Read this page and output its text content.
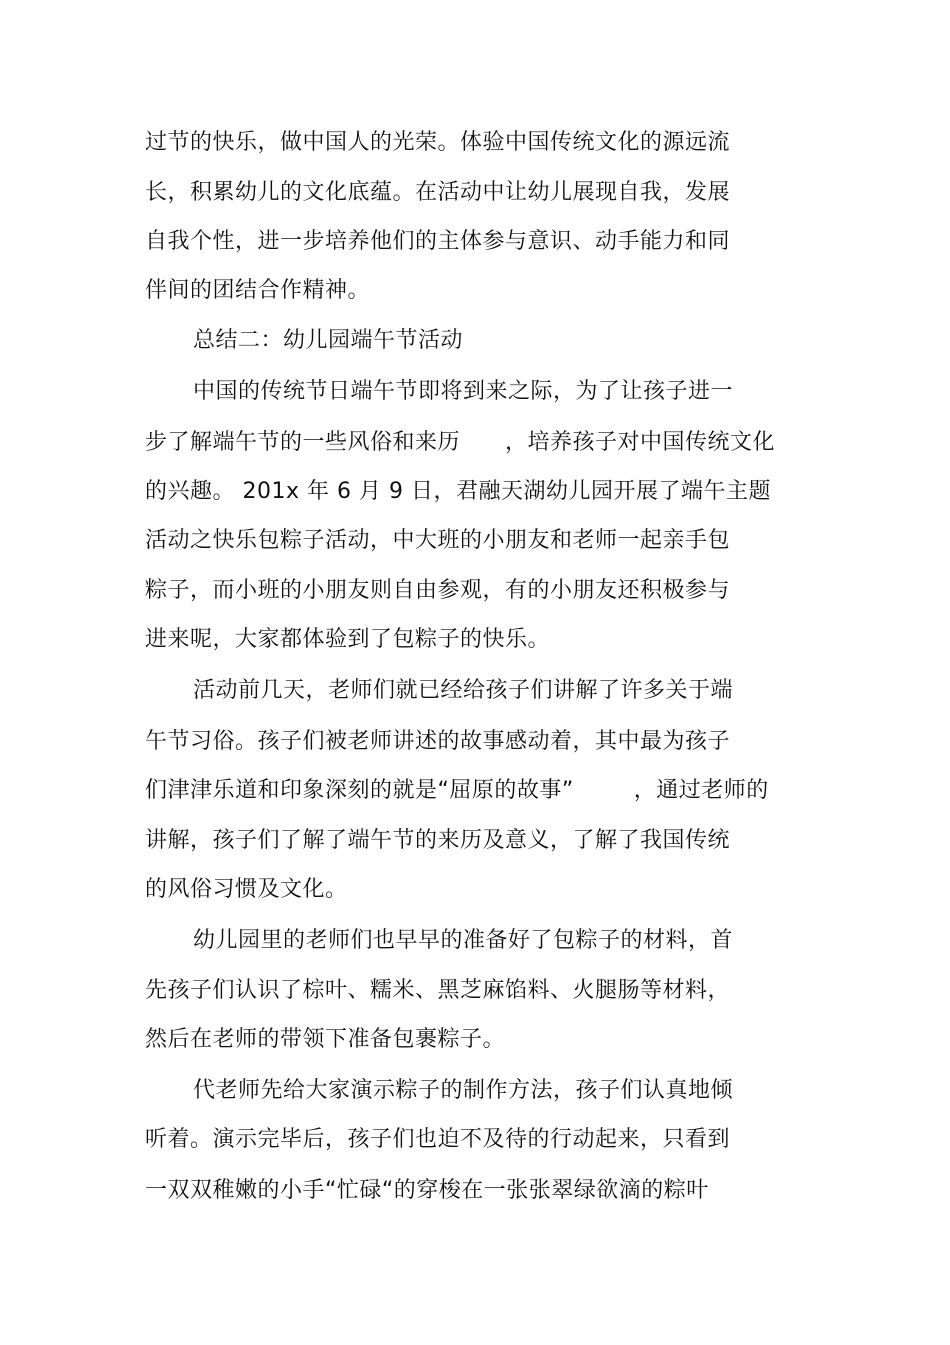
过节的快乐，做中国人的光荣。体验中国传统文化的源远流
长，积累幼儿的文化底蕴。在活动中让幼儿展现自我，发展
自我个性，进一步培养他们的主体参与意识、动手能力和同
伴间的团结合作精神。
总结二：幼儿园端午节活动
中国的传统节日端午节即将到来之际，为了让孩子进一
步了解端午节的一些风俗和来历      ，培养孩子对中国传统文化
的兴趣。 201x 年 6 月 9 日，君融天湖幼儿园开展了端午主题
活动之快乐包粽子活动，中大班的小朋友和老师一起亲手包
粽子，而小班的小朋友则自由参观，有的小朋友还积极参与
进来呢，大家都体验到了包粽子的快乐。
活动前几天，老师们就已经给孩子们讲解了许多关于端
午节习俗。孩子们被老师讲述的故事感动着，其中最为孩子
们津津乐道和印象深刻的就是“屈原的故事”        ，通过老师的
讲解，孩子们了解了端午节的来历及意义，了解了我国传统
的风俗习惯及文化。
幼儿园里的老师们也早早的准备好了包粽子的材料，首
先孩子们认识了棕叶、糯米、黑芝麻馅料、火腿肠等材料，
然后在老师的带领下准备包裹粽子。
代老师先给大家演示粽子的制作方法，孩子们认真地倾
听着。演示完毕后，孩子们也迫不及待的行动起来，只看到
一双双稚嫩的小手“忙碌“的穿梭在一张张翠绿欲滴的粽叶
